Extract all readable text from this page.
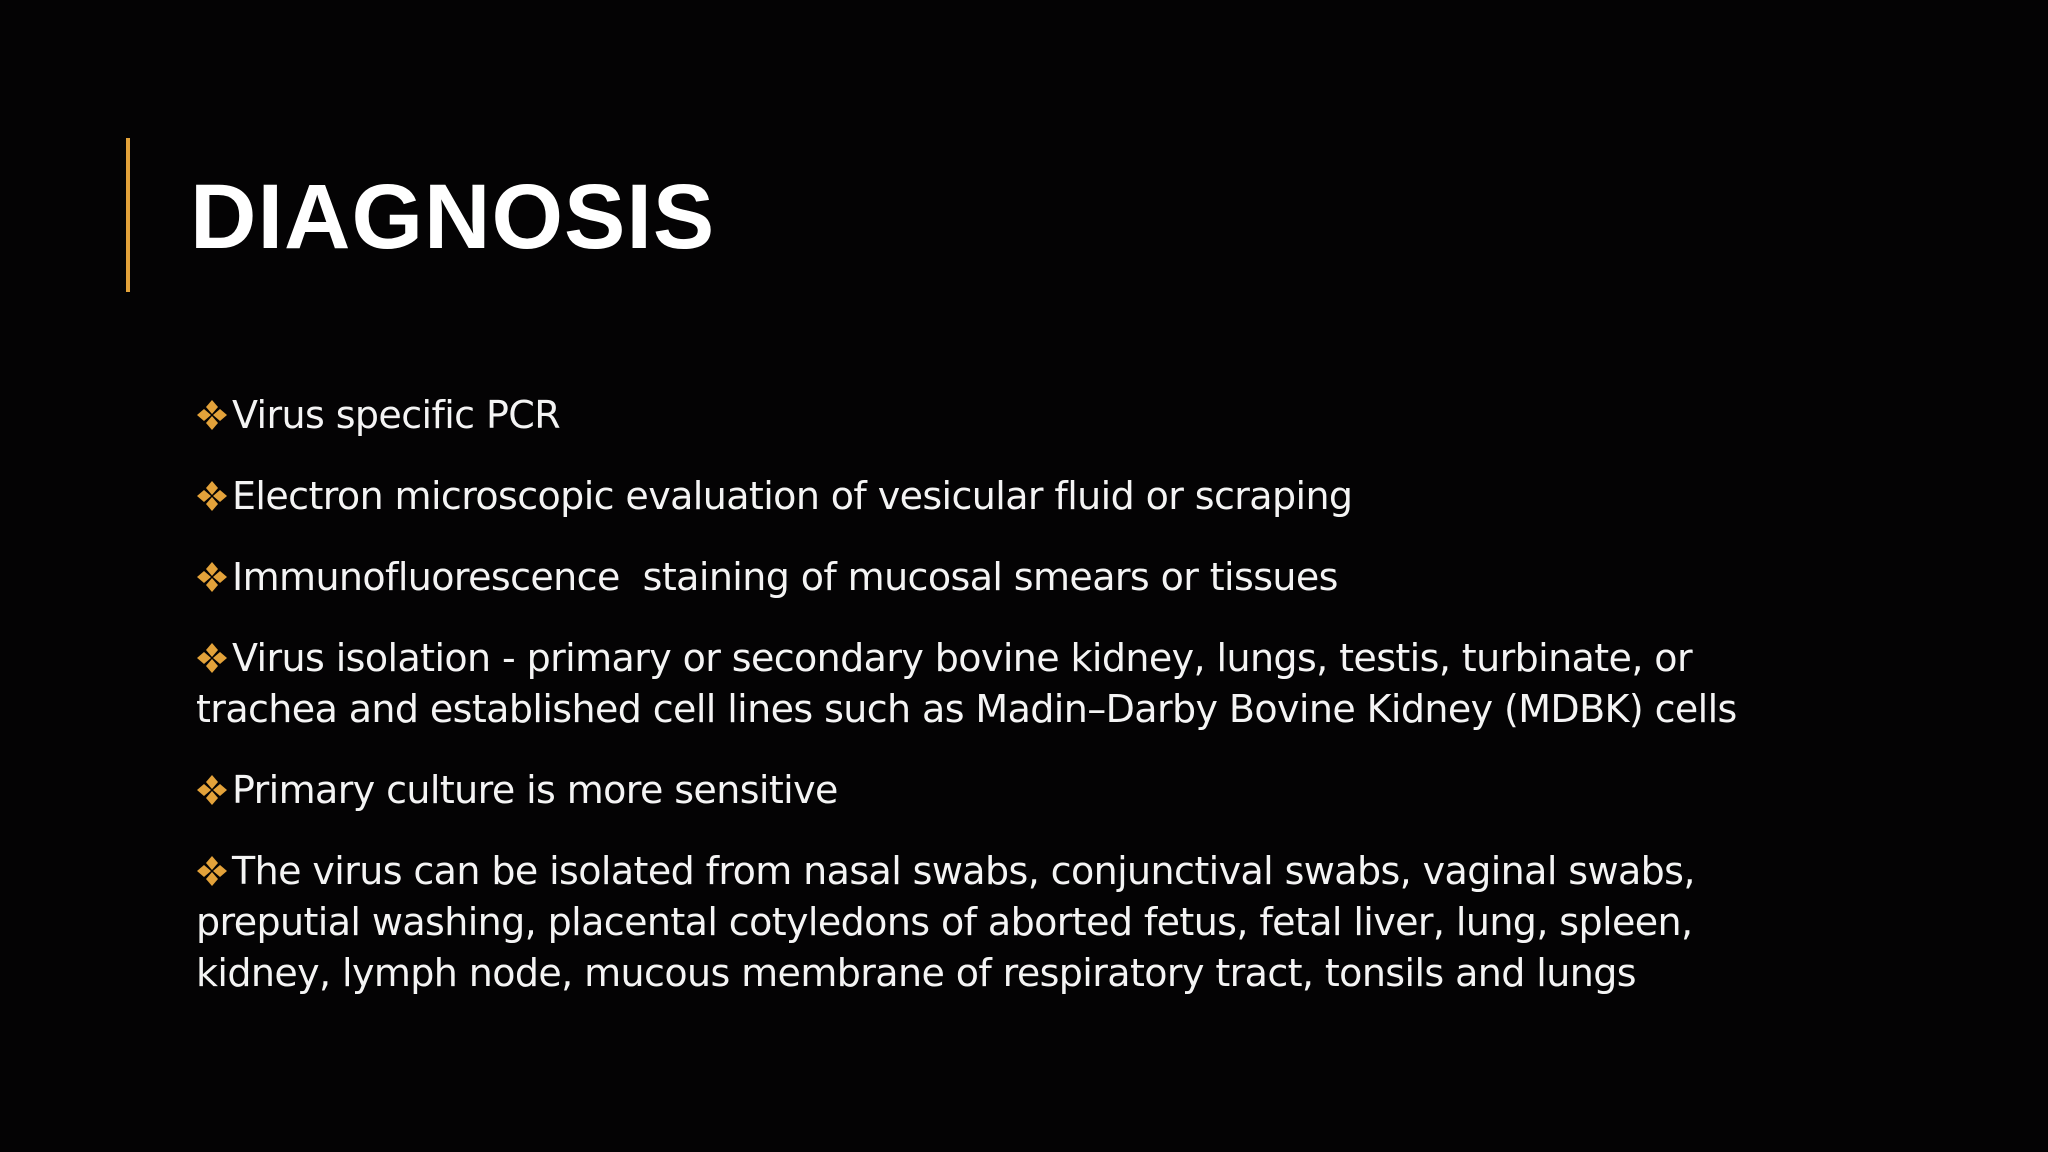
DIAGNOSIS
Virus specific PCR
Electron microscopic evaluation of vesicular fluid or scraping
Immunofluorescence  staining of mucosal smears or tissues
Virus isolation - primary or secondary bovine kidney, lungs, testis, turbinate, or trachea and established cell lines such as Madin–Darby Bovine Kidney (MDBK) cells
Primary culture is more sensitive
The virus can be isolated from nasal swabs, conjunctival swabs, vaginal swabs, preputial washing, placental cotyledons of aborted fetus, fetal liver, lung, spleen, kidney, lymph node, mucous membrane of respiratory tract, tonsils and lungs
